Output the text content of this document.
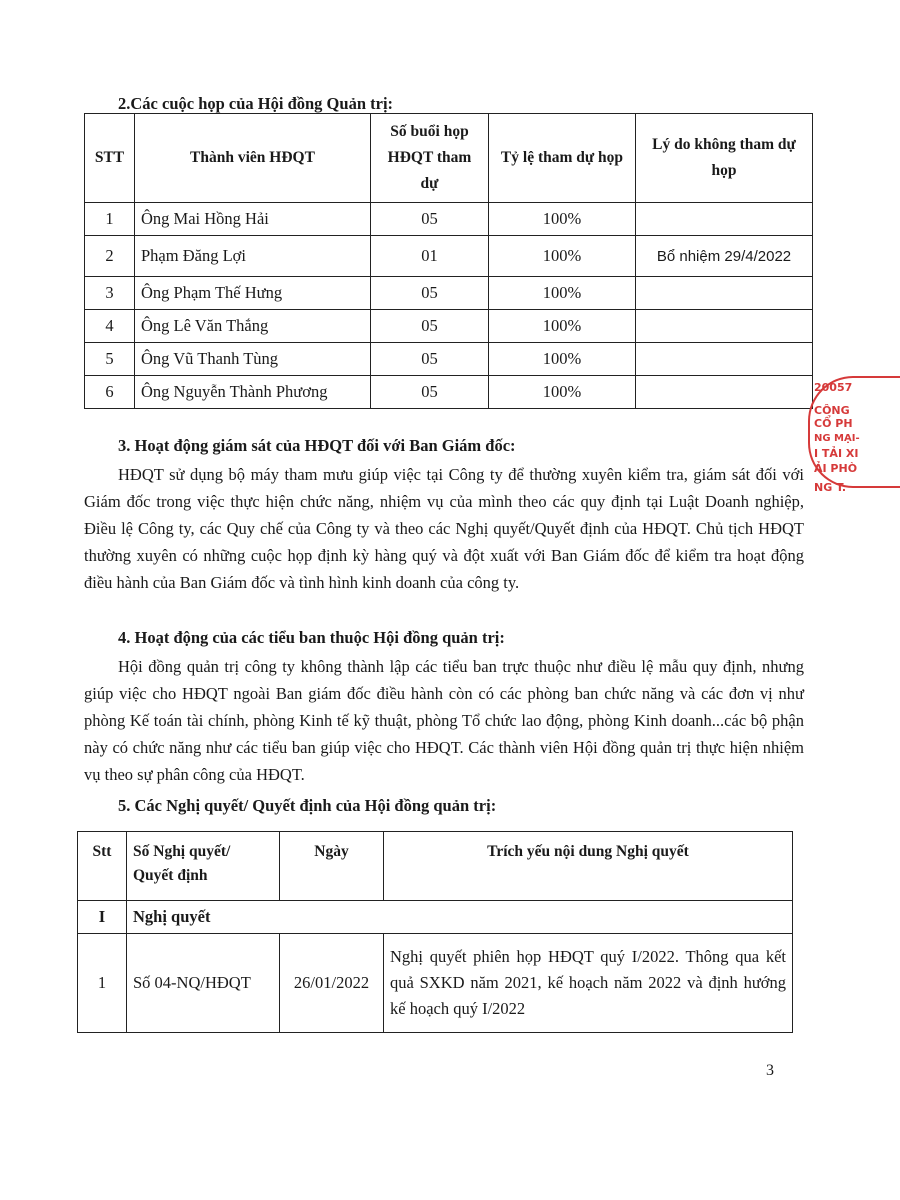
2.Các cuộc họp của Hội đồng Quản trị:
STT	Thành viên HĐQT	Số buổi họp HĐQT tham dự	Tỷ lệ tham dự họp	Lý do không tham dự họp
1	Ông Mai Hồng Hải	05	100%	
2	Phạm Đăng Lợi	01	100%	Bổ nhiệm 29/4/2022
3	Ông Phạm Thế Hưng	05	100%	
4	Ông Lê Văn Thắng	05	100%	
5	Ông Vũ Thanh Tùng	05	100%	
6	Ông Nguyễn Thành Phương	05	100%	
3. Hoạt động giám sát của HĐQT đối với Ban Giám đốc:
HĐQT sử dụng bộ máy tham mưu giúp việc tại Công ty để thường xuyên kiểm tra, giám sát đối với Giám đốc trong việc thực hiện chức năng, nhiệm vụ của mình theo các quy định tại Luật Doanh nghiệp, Điều lệ Công ty, các Quy chế của Công ty và theo các Nghị quyết/Quyết định của HĐQT. Chủ tịch HĐQT thường xuyên có những cuộc họp định kỳ hàng quý và đột xuất với Ban Giám đốc để kiểm tra hoạt động điều hành của Ban Giám đốc và tình hình kinh doanh của công ty.
4. Hoạt động của các tiểu ban thuộc Hội đồng quản trị:
Hội đồng quản trị công ty không thành lập các tiểu ban trực thuộc như điều lệ mẫu quy định, nhưng giúp việc cho HĐQT ngoài Ban giám đốc điều hành còn có các phòng ban chức năng và các đơn vị như phòng Kế toán tài chính, phòng Kinh tế kỹ thuật, phòng Tổ chức lao động, phòng Kinh doanh...các bộ phận này có chức năng như các tiểu ban giúp việc cho HĐQT. Các thành viên Hội đồng quản trị thực hiện nhiệm vụ theo sự phân công của HĐQT.
5. Các Nghị quyết/ Quyết định của Hội đồng quản trị:
Stt	Số Nghị quyết/ Quyết định	Ngày	Trích yếu nội dung Nghị quyết
I	Nghị quyết		
1	Số 04-NQ/HĐQT	26/01/2022	Nghị quyết phiên họp HĐQT quý I/2022. Thông qua kết quả SXKD năm 2021, kế hoạch năm 2022 và định hướng kế hoạch quý I/2022
3
20057
CÔNG
CỔ PH
NG MẠI-
I TẢI XI
ẢI PHÒ
NG T.
